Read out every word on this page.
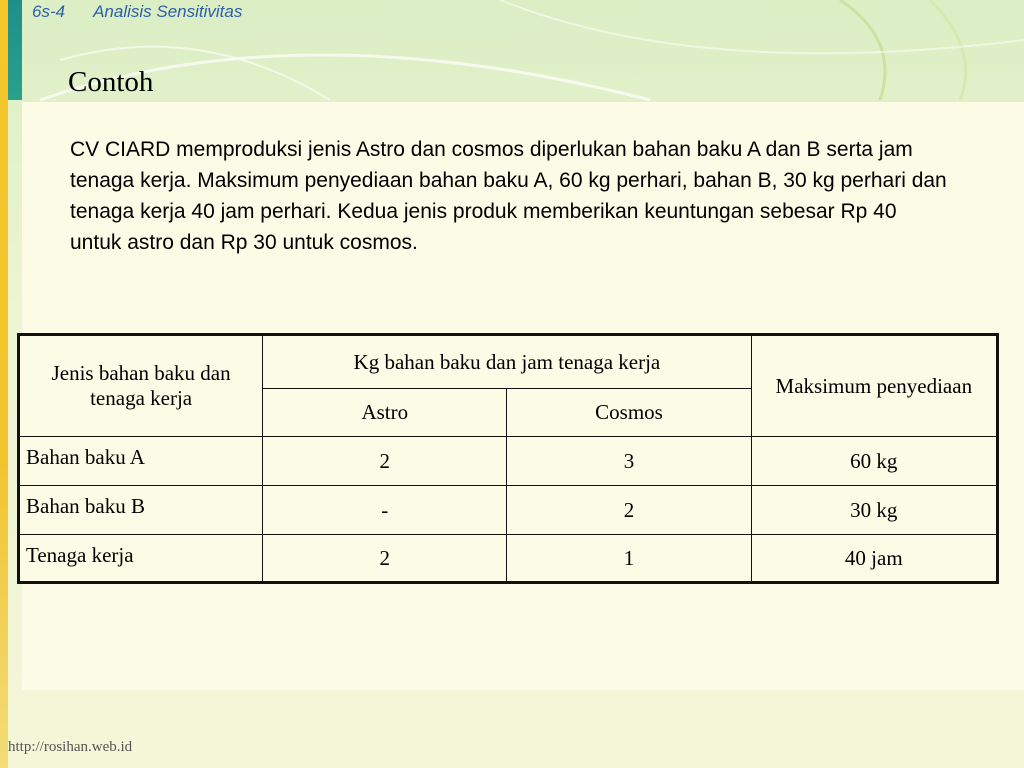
6s-4 Analisis Sensitivitas
Contoh
CV CIARD memproduksi jenis Astro dan cosmos diperlukan bahan baku A dan B serta jam tenaga kerja. Maksimum penyediaan bahan baku A, 60 kg perhari, bahan B, 30 kg perhari dan tenaga kerja 40 jam perhari. Kedua jenis produk memberikan keuntungan sebesar Rp 40 untuk astro dan Rp 30 untuk cosmos.
Jenis bahan baku dan tenaga kerja	Kg bahan baku dan jam tenaga kerja		Maksimum penyediaan
	Astro	Cosmos	
Bahan baku A	2	3	60 kg
Bahan baku B	-	2	30 kg
Tenaga kerja	2	1	40 jam
http://rosihan.web.id
